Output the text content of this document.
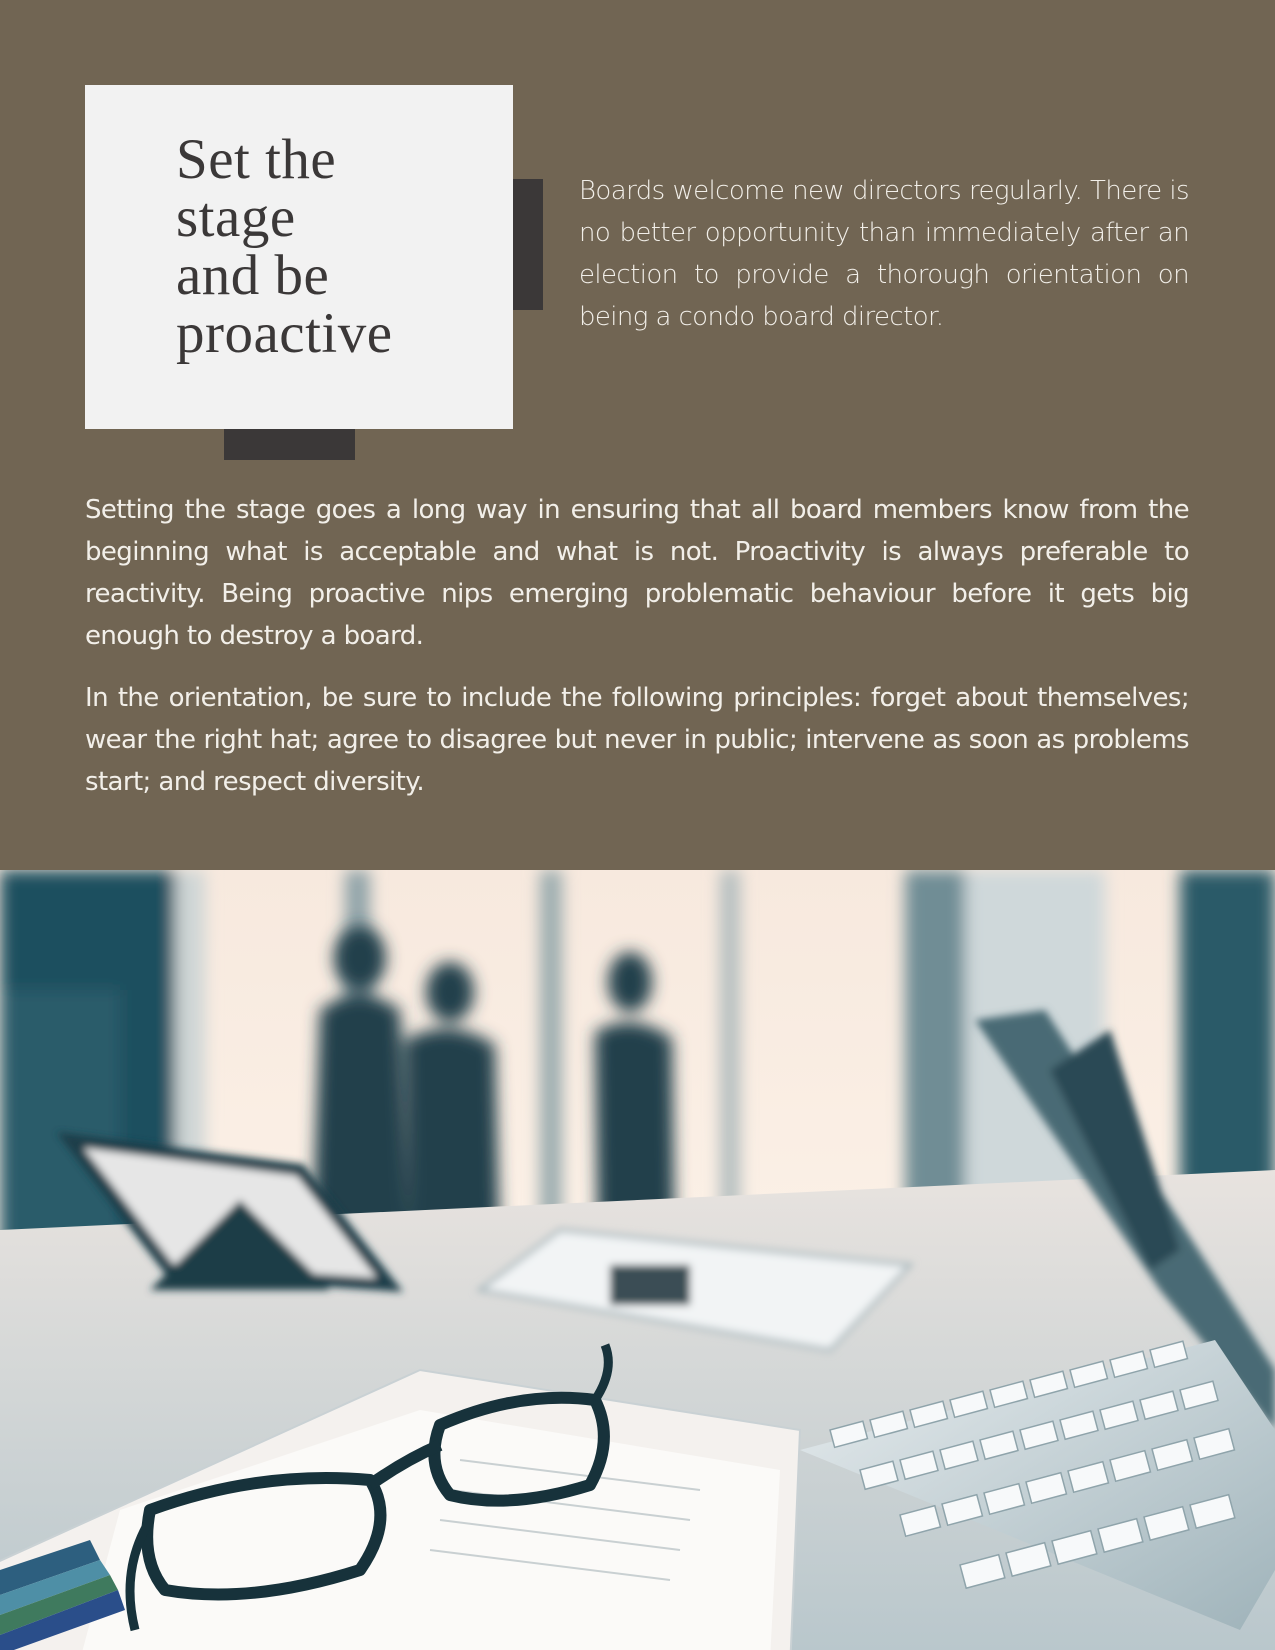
Set the
stage
and be
proactive

Boards welcome new directors regularly. There is no better opportunity than immediately after an election to provide a thorough orientation on being a condo board director.

Setting the stage goes a long way in ensuring that all board members know from the beginning what is acceptable and what is not. Proactivity is always preferable to reactivity. Being proactive nips emerging problematic behaviour before it gets big enough to destroy a board.

In the orientation, be sure to include the following principles: forget about themselves; wear the right hat; agree to disagree but never in public; intervene as soon as problems start; and respect diversity.
